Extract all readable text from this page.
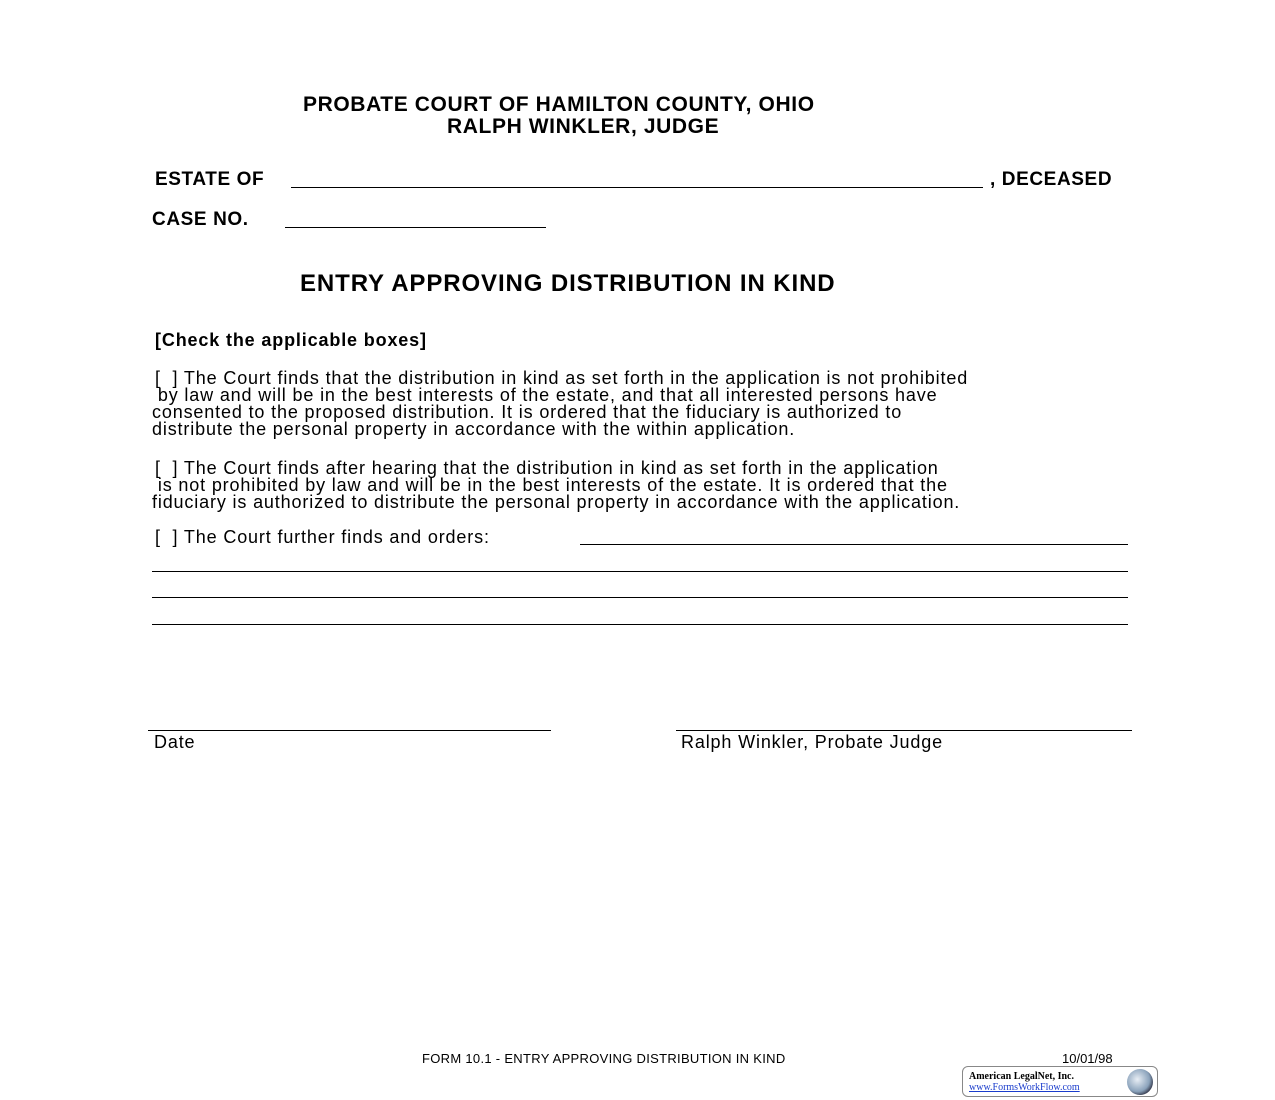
PROBATE COURT OF HAMILTON COUNTY, OHIO
RALPH WINKLER, JUDGE
ESTATE OF	, DECEASED
CASE NO.
ENTRY APPROVING DISTRIBUTION IN KIND
[Check the applicable boxes]
[  ] The Court finds that the distribution in kind as set forth in the application is not prohibited
by law and will be in the best interests of the estate, and that all interested persons have
consented to the proposed distribution. It is ordered that the fiduciary is authorized to
distribute the personal property in accordance with the within application.
[  ] The Court finds after hearing that the distribution in kind as set forth in the application
is not prohibited by law and will be in the best interests of the estate. It is ordered that the
fiduciary is authorized to distribute the personal property in accordance with the application.
[  ] The Court further finds and orders:
Date	Ralph Winkler, Probate Judge
FORM 10.1 - ENTRY APPROVING DISTRIBUTION IN KIND	10/01/98
American LegalNet, Inc.
www.FormsWorkFlow.com
